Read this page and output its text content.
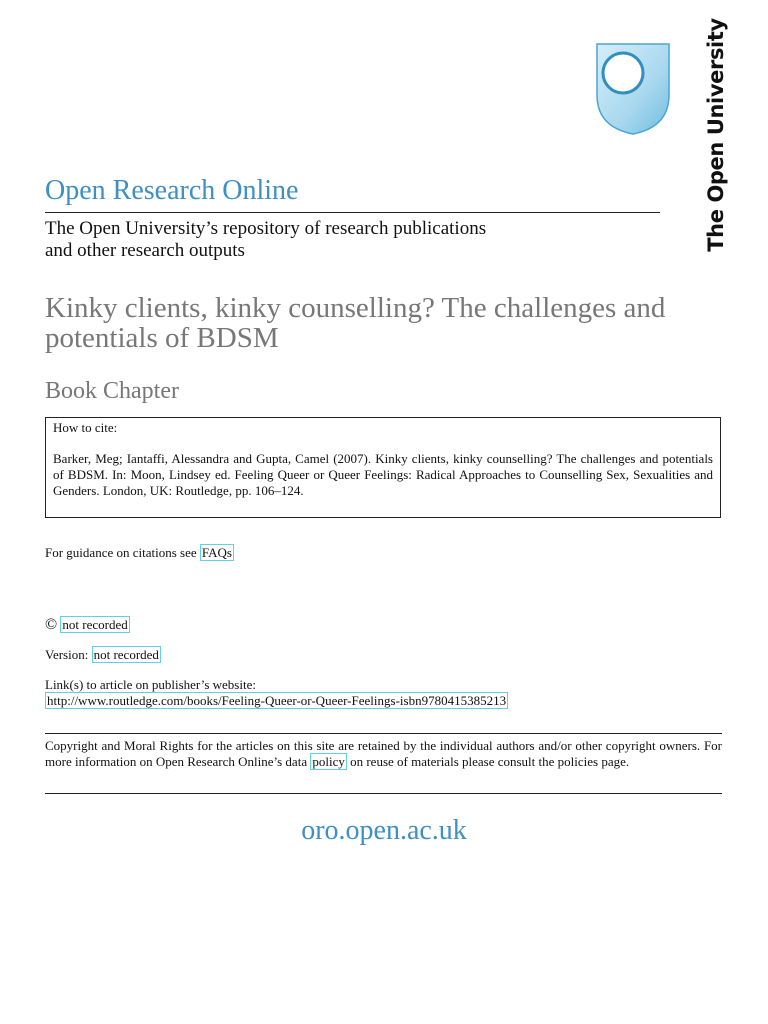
The Open University
Open Research Online
The Open University’s repository of research publications
and other research outputs
Kinky clients, kinky counselling? The challenges and potentials of BDSM
Book Chapter
How to cite:
Barker, Meg; Iantaffi, Alessandra and Gupta, Camel (2007). Kinky clients, kinky counselling? The challenges and potentials of BDSM. In: Moon, Lindsey ed. Feeling Queer or Queer Feelings: Radical Approaches to Counselling Sex, Sexualities and Genders. London, UK: Routledge, pp. 106–124.
For guidance on citations see FAQs
© not recorded
Version: not recorded
Link(s) to article on publisher’s website:
http://www.routledge.com/books/Feeling-Queer-or-Queer-Feelings-isbn9780415385213
Copyright and Moral Rights for the articles on this site are retained by the individual authors and/or other copyright owners. For more information on Open Research Online’s data policy on reuse of materials please consult the policies page.
oro.open.ac.uk
